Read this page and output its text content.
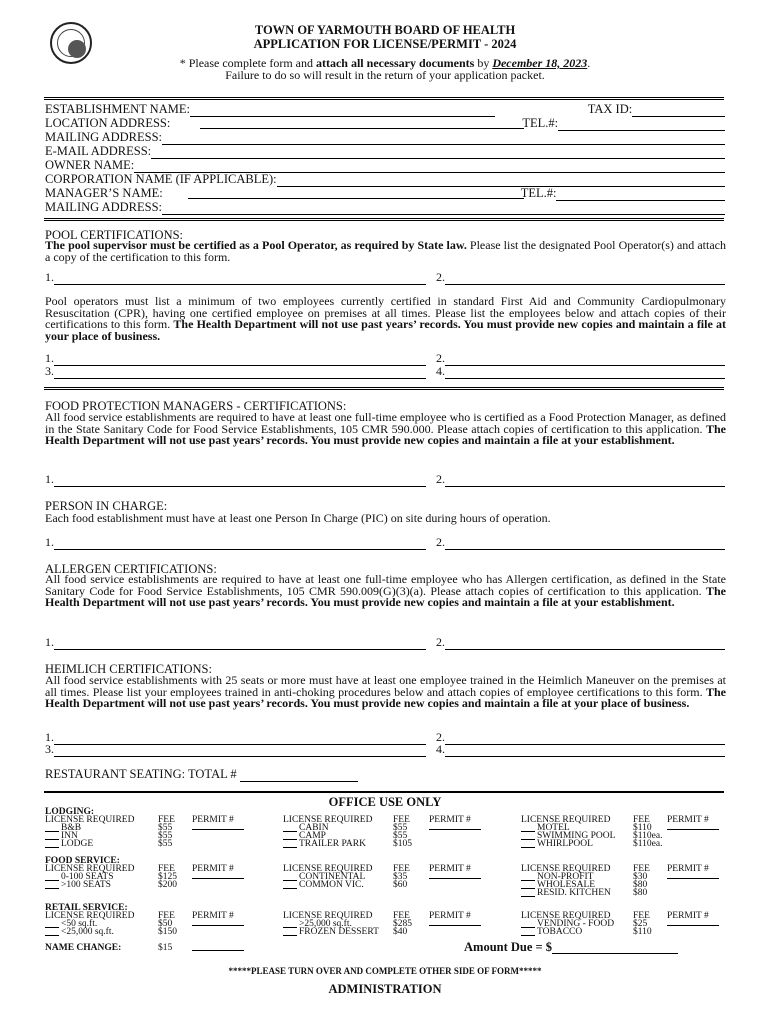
TOWN OF YARMOUTH BOARD OF HEALTH
APPLICATION FOR LICENSE/PERMIT - 2024
* Please complete form and attach all necessary documents by December 18, 2023.
Failure to do so will result in the return of your application packet.
ESTABLISHMENT NAME:	TAX ID:
LOCATION ADDRESS:	TEL.#:
MAILING ADDRESS:
E-MAIL ADDRESS:
OWNER NAME:
CORPORATION NAME (IF APPLICABLE):
MANAGER’S NAME:	TEL.#:
MAILING ADDRESS:
POOL CERTIFICATIONS:
The pool supervisor must be certified as a Pool Operator, as required by State law. Please list the designated Pool Operator(s) and attach a copy of the certification to this form.
1.	2.
Pool operators must list a minimum of two employees currently certified in standard First Aid and Community Cardiopulmonary Resuscitation (CPR), having one certified employee on premises at all times. Please list the employees below and attach copies of their certifications to this form. The Health Department will not use past years’ records. You must provide new copies and maintain a file at your place of business.
1.	2.
3.	4.
FOOD PROTECTION MANAGERS - CERTIFICATIONS:
All food service establishments are required to have at least one full-time employee who is certified as a Food Protection Manager, as defined in the State Sanitary Code for Food Service Establishments, 105 CMR 590.000. Please attach copies of certification to this application. The Health Department will not use past years’ records. You must provide new copies and maintain a file at your establishment.
1.	2.
PERSON IN CHARGE:
Each food establishment must have at least one Person In Charge (PIC) on site during hours of operation.
1.	2.
ALLERGEN CERTIFICATIONS:
All food service establishments are required to have at least one full-time employee who has Allergen certification, as defined in the State Sanitary Code for Food Service Establishments, 105 CMR 590.009(G)(3)(a). Please attach copies of certification to this application. The Health Department will not use past years’ records. You must provide new copies and maintain a file at your establishment.
1.	2.
HEIMLICH CERTIFICATIONS:
All food service establishments with 25 seats or more must have at least one employee trained in the Heimlich Maneuver on the premises at all times. Please list your employees trained in anti-choking procedures below and attach copies of employee certifications to this form. The Health Department will not use past years’ records. You must provide new copies and maintain a file at your place of business.
1.	2.
3.	4.
RESTAURANT SEATING: TOTAL #
OFFICE USE ONLY
LODGING:
LICENSE REQUIRED FEE PERMIT #
B&B	$55
INN	$55
LODGE	$55
LICENSE REQUIRED FEE PERMIT #
CABIN	$55
CAMP	$55
TRAILER PARK	$105
LICENSE REQUIRED FEE PERMIT #
MOTEL	$110
SWIMMING POOL $110ea.
WHIRLPOOL	$110ea.
FOOD SERVICE:
LICENSE REQUIRED FEE PERMIT #
0-100 SEATS	$125
>100 SEATS	$200
LICENSE REQUIRED FEE PERMIT #
CONTINENTAL	$35
COMMON VIC.	$60
LICENSE REQUIRED FEE PERMIT #
NON-PROFIT	$30
WHOLESALE	$80
RESID. KITCHEN $80
RETAIL SERVICE:
LICENSE REQUIRED FEE PERMIT #
<50 sq.ft.	$50
<25,000 sq.ft.	$150
LICENSE REQUIRED FEE PERMIT #
>25,000 sq.ft.	$285
FROZEN DESSERT $40
LICENSE REQUIRED FEE PERMIT #
VENDING - FOOD $25
TOBACCO	$110
NAME CHANGE:	$15	Amount Due = $
*****PLEASE TURN OVER AND COMPLETE OTHER SIDE OF FORM*****
ADMINISTRATION
